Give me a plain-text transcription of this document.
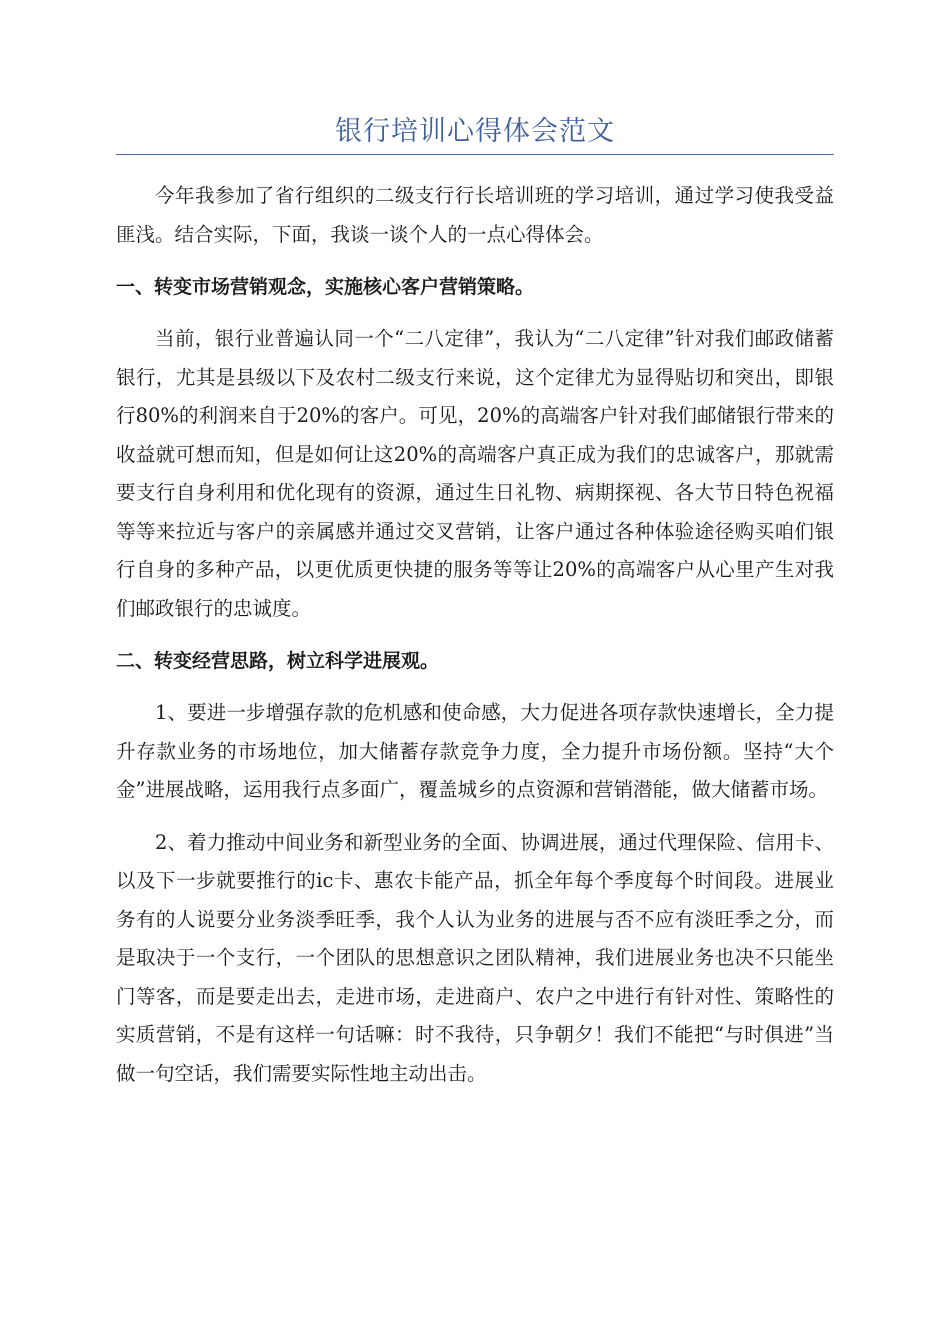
银行培训心得体会范文

今年我参加了省行组织的二级支行行长培训班的学习培训，通过学习使我受益匪浅。结合实际，下面，我谈一谈个人的一点心得体会。

一、转变市场营销观念，实施核心客户营销策略。

当前，银行业普遍认同一个“二八定律”，我认为“二八定律”针对我们邮政储蓄银行，尤其是县级以下及农村二级支行来说，这个定律尤为显得贴切和突出，即银行80%的利润来自于20%的客户。可见，20%的高端客户针对我们邮储银行带来的收益就可想而知，但是如何让这20%的高端客户真正成为我们的忠诚客户，那就需要支行自身利用和优化现有的资源，通过生日礼物、病期探视、各大节日特色祝福等等来拉近与客户的亲属感并通过交叉营销，让客户通过各种体验途径购买咱们银行自身的多种产品，以更优质更快捷的服务等等让20%的高端客户从心里产生对我们邮政银行的忠诚度。

二、转变经营思路，树立科学进展观。

1、要进一步增强存款的危机感和使命感，大力促进各项存款快速增长，全力提升存款业务的市场地位，加大储蓄存款竞争力度，全力提升市场份额。坚持“大个金”进展战略，运用我行点多面广，覆盖城乡的点资源和营销潜能，做大储蓄市场。

2、着力推动中间业务和新型业务的全面、协调进展，通过代理保险、信用卡、以及下一步就要推行的ic卡、惠农卡能产品，抓全年每个季度每个时间段。进展业务有的人说要分业务淡季旺季，我个人认为业务的进展与否不应有淡旺季之分，而是取决于一个支行，一个团队的思想意识之团队精神，我们进展业务也决不只能坐门等客，而是要走出去，走进市场，走进商户、农户之中进行有针对性、策略性的实质营销，不是有这样一句话嘛：时不我待，只争朝夕！我们不能把“与时俱进”当做一句空话，我们需要实际性地主动出击。
